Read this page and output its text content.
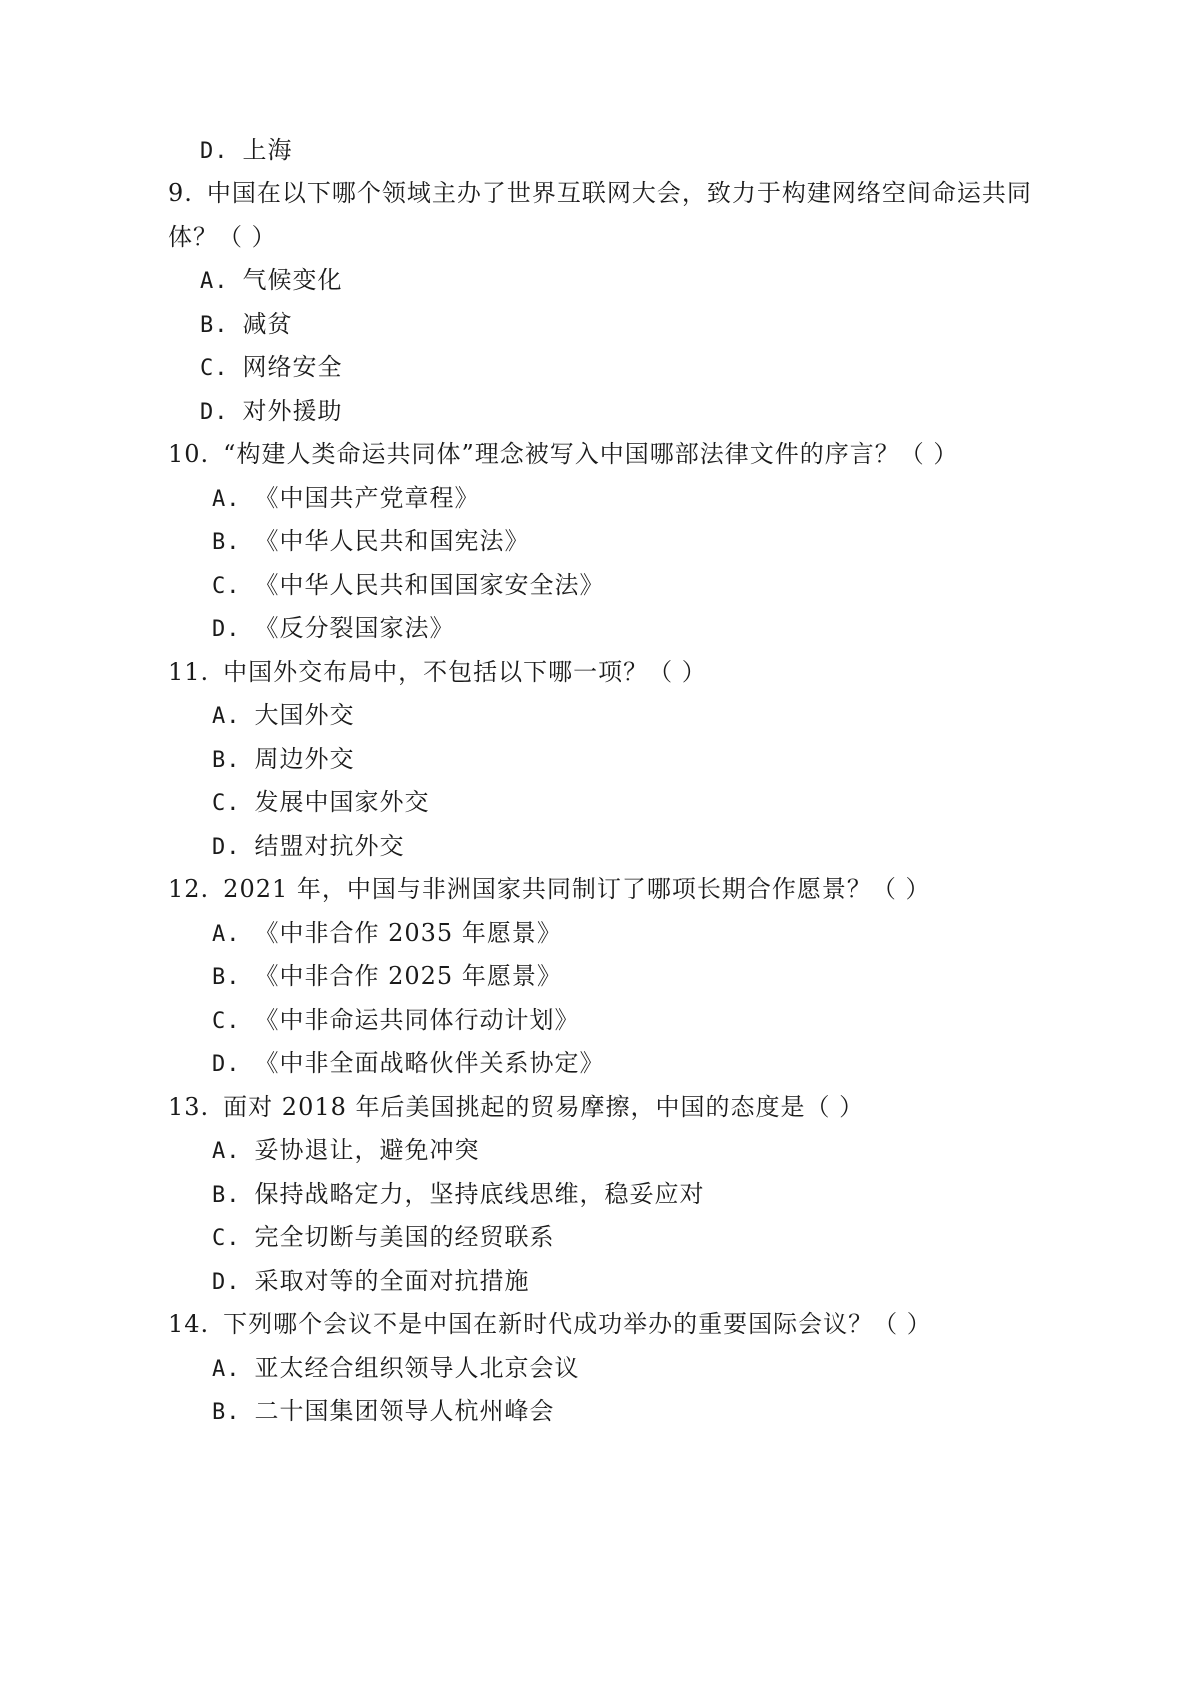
D. 上海
9. 中国在以下哪个领域主办了世界互联网大会，致力于构建网络空间命运共同
体？（ ）
A. 气候变化
B. 减贫
C. 网络安全
D. 对外援助
10. “构建人类命运共同体”理念被写入中国哪部法律文件的序言？（ ）
A. 《中国共产党章程》
B. 《中华人民共和国宪法》
C. 《中华人民共和国国家安全法》
D. 《反分裂国家法》
11. 中国外交布局中，不包括以下哪一项？（ ）
A. 大国外交
B. 周边外交
C. 发展中国家外交
D. 结盟对抗外交
12. 2021 年，中国与非洲国家共同制订了哪项长期合作愿景？（ ）
A. 《中非合作 2035 年愿景》
B. 《中非合作 2025 年愿景》
C. 《中非命运共同体行动计划》
D. 《中非全面战略伙伴关系协定》
13. 面对 2018 年后美国挑起的贸易摩擦，中国的态度是（ ）
A. 妥协退让，避免冲突
B. 保持战略定力，坚持底线思维，稳妥应对
C. 完全切断与美国的经贸联系
D. 采取对等的全面对抗措施
14. 下列哪个会议不是中国在新时代成功举办的重要国际会议？（ ）
A. 亚太经合组织领导人北京会议
B. 二十国集团领导人杭州峰会
